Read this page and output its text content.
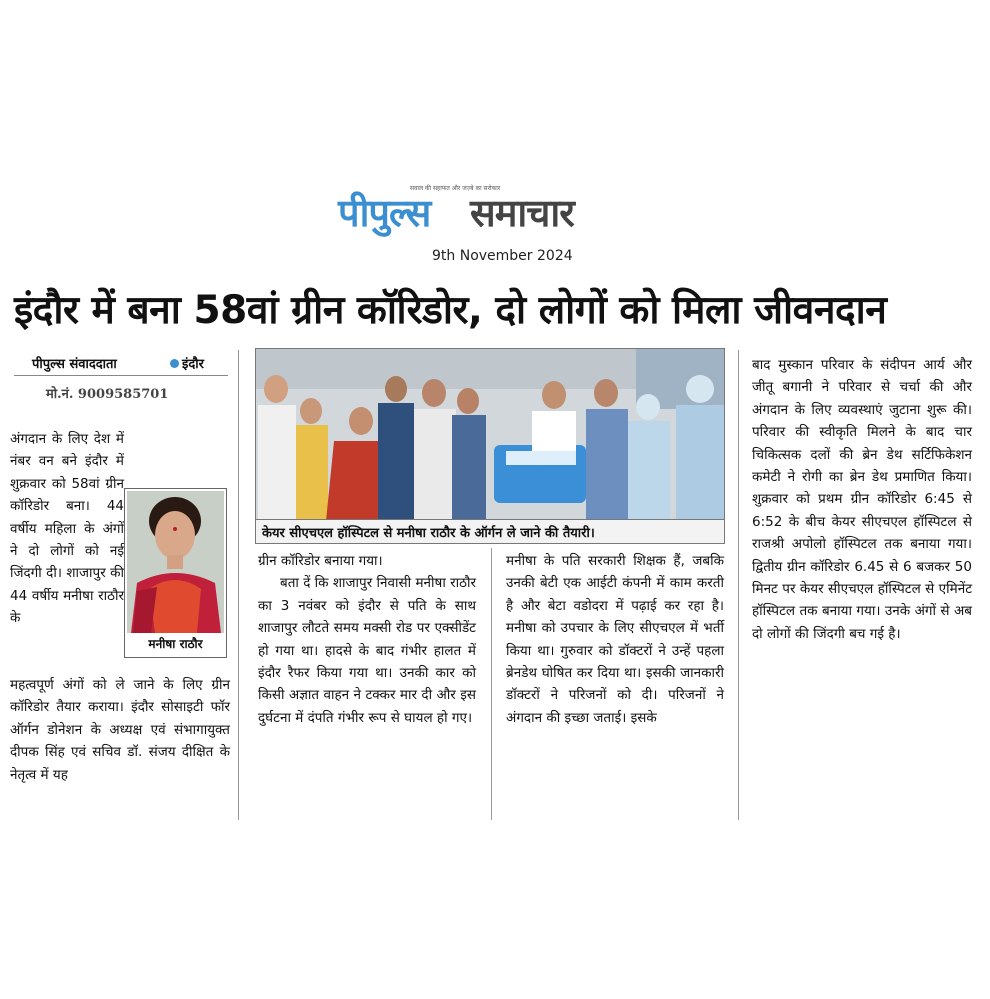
सवाल की सहाफत और जज़्बे का सरोकार
पीपुल्स समाचार
9th November 2024
इंदौर में बना 58वां ग्रीन कॉरिडोर, दो लोगों को मिला जीवनदान
पीपुल्स संवाददाता	इंदौर
मो.नं. 9009585701

अंगदान के लिए देश में नंबर वन बने इंदौर में शुक्रवार को 58वां ग्रीन कॉरिडोर बना। 44 वर्षीय महिला के अंगों ने दो लोगों को नई जिंदगी दी। शाजापुर की 44 वर्षीय मनीषा राठौर के

मनीषा राठौर

महत्वपूर्ण अंगों को ले जाने के लिए ग्रीन कॉरिडोर तैयार कराया। इंदौर सोसाइटी फॉर ऑर्गन डोनेशन के अध्यक्ष एवं संभागायुक्त दीपक सिंह एवं सचिव डॉ. संजय दीक्षित के नेतृत्व में यह

केयर सीएचएल हॉस्पिटल से मनीषा राठौर के ऑर्गन ले जाने की तैयारी।

ग्रीन कॉरिडोर बनाया गया।

बता दें कि शाजापुर निवासी मनीषा राठौर का 3 नवंबर को इंदौर से पति के साथ शाजापुर लौटते समय मक्सी रोड पर एक्सीडेंट हो गया था। हादसे के बाद गंभीर हालत में इंदौर रैफर किया गया था। उनकी कार को किसी अज्ञात वाहन ने टक्कर मार दी और इस दुर्घटना में दंपति गंभीर रूप से घायल हो गए।

मनीषा के पति सरकारी शिक्षक हैं, जबकि उनकी बेटी एक आईटी कंपनी में काम करती है और बेटा वडोदरा में पढ़ाई कर रहा है। मनीषा को उपचार के लिए सीएचएल में भर्ती किया था। गुरुवार को डॉक्टरों ने उन्हें पहला ब्रेनडेथ घोषित कर दिया था। इसकी जानकारी डॉक्टरों ने परिजनों को दी। परिजनों ने अंगदान की इच्छा जताई। इसके

बाद मुस्कान परिवार के संदीपन आर्य और जीतू बगानी ने परिवार से चर्चा की और अंगदान के लिए व्यवस्थाएं जुटाना शुरू की। परिवार की स्वीकृति मिलने के बाद चार चिकित्सक दलों की ब्रेन डेथ सर्टिफिकेशन कमेटी ने रोगी का ब्रेन डेथ प्रमाणित किया। शुक्रवार को प्रथम ग्रीन कॉरिडोर 6:45 से 6:52 के बीच केयर सीएचएल हॉस्पिटल से राजश्री अपोलो हॉस्पिटल तक बनाया गया। द्वितीय ग्रीन कॉरिडोर 6.45 से 6 बजकर 50 मिनट पर केयर सीएचएल हॉस्पिटल से एमिनेंट हॉस्पिटल तक बनाया गया। उनके अंगों से अब दो लोगों की जिंदगी बच गई है।
